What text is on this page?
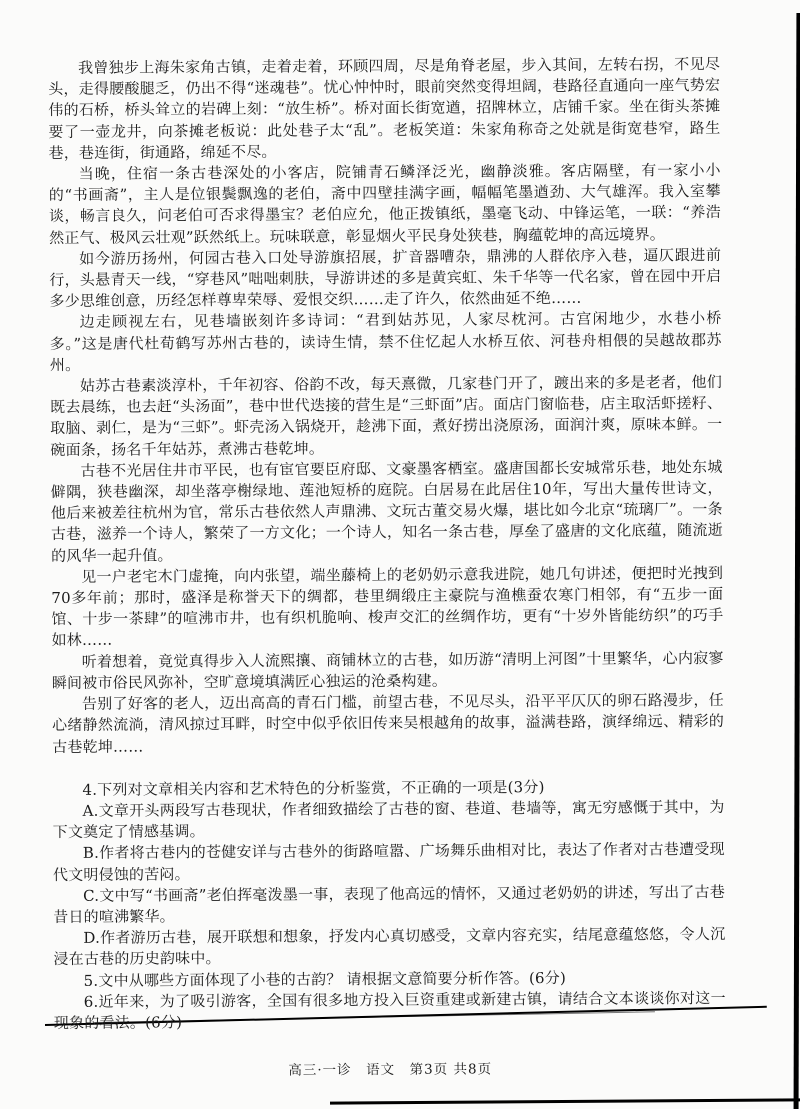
我曾独步上海朱家角古镇，走着走着，环顾四周，尽是角脊老屋，步入其间，左转右拐，不见尽头，走得腰酸腿乏，仍出不得“迷魂巷”。忧心忡忡时，眼前突然变得坦阔，巷路径直通向一座气势宏伟的石桥，桥头耸立的岩碑上刻：“放生桥”。桥对面长街宽遒，招牌林立，店铺千家。坐在街头茶摊要了一壶龙井，向茶摊老板说：此处巷子太“乱”。老板笑道：朱家角称奇之处就是街宽巷窄，路生巷，巷连街，街通路，绵延不尽。

当晚，住宿一条古巷深处的小客店，院铺青石鳞泽泛光，幽静淡雅。客店隔壁，有一家小小的“书画斋”，主人是位银鬓飘逸的老伯，斋中四壁挂满字画，幅幅笔墨遒劲、大气雄浑。我入室攀谈，畅言良久，问老伯可否求得墨宝？老伯应允，他正拨镇纸，墨毫飞动、中锋运笔，一联：“养浩然正气、极风云壮观”跃然纸上。玩味联意，彰显烟火平民身处狭巷，胸蕴乾坤的高远境界。

如今游历扬州，何园古巷入口处导游旗招展，扩音器嘈杂，鼎沸的人群依序入巷，逼仄跟进前行，头悬青天一线，“穿巷风”咄咄刺肤，导游讲述的多是黄宾虹、朱千华等一代名家，曾在园中开启多少思维创意，历经怎样尊卑荣辱、爱恨交织……走了许久，依然曲延不绝……

边走顾视左右，见巷墙嵌刻许多诗词：“君到姑苏见，人家尽枕河。古宫闲地少，水巷小桥多。”这是唐代杜荀鹤写苏州古巷的，读诗生情，禁不住忆起人水桥互依、河巷舟相偎的吴越故郡苏州。

姑苏古巷素淡淳朴，千年初容、俗韵不改，每天熹微，几家巷门开了，踱出来的多是老者，他们既去晨练，也去赶“头汤面”，巷中世代迭接的营生是“三虾面”店。面店门窗临巷，店主取活虾搓籽、取脑、剥仁，是为“三虾”。虾壳汤入锅烧开，趁沸下面，煮好捞出浇原汤，面润汁爽，原味本鲜。一碗面条，扬名千年姑苏，煮沸古巷乾坤。

古巷不光居住井市平民，也有宦官要臣府邸、文豪墨客栖室。盛唐国都长安城常乐巷，地处东城僻隅，狭巷幽深，却坐落亭榭绿地、莲池短桥的庭院。白居易在此居住10年，写出大量传世诗文，他后来被差往杭州为官，常乐古巷依然人声鼎沸、文玩古董交易火爆，堪比如今北京“琉璃厂”。一条古巷，滋养一个诗人，繁荣了一方文化；一个诗人，知名一条古巷，厚垒了盛唐的文化底蕴，随流逝的风华一起升值。

见一户老宅木门虚掩，向内张望，端坐藤椅上的老奶奶示意我进院，她几句讲述，便把时光拽到70多年前；那时，盛泽是称誉天下的绸都，巷里绸缎庄主豪院与渔樵蚕农寒门相邻，有“五步一面馆、十步一茶肆”的喧沸市井，也有织机脆响、梭声交汇的丝绸作坊，更有“十岁外皆能纺织”的巧手如林……

听着想着，竟觉真得步入人流熙攘、商铺林立的古巷，如历游“清明上河图”十里繁华，心内寂寥瞬间被市俗民风弥补，空旷意境填满匠心独运的沧桑构建。

告别了好客的老人，迈出高高的青石门槛，前望古巷，不见尽头，沿平平仄仄的卵石路漫步，任心绪静然流淌，清风掠过耳畔，时空中似乎依旧传来吴根越角的故事，溢满巷路，演绎绵远、精彩的古巷乾坤……

4.下列对文章相关内容和艺术特色的分析鉴赏，不正确的一项是(3分)

A.文章开头两段写古巷现状，作者细致描绘了古巷的窗、巷道、巷墙等，寓无穷感慨于其中，为下文奠定了情感基调。

B.作者将古巷内的苍健安详与古巷外的街路喧嚣、广场舞乐曲相对比，表达了作者对古巷遭受现代文明侵蚀的苦闷。

C.文中写“书画斋”老伯挥毫泼墨一事，表现了他高远的情怀，又通过老奶奶的讲述，写出了古巷昔日的喧沸繁华。

D.作者游历古巷，展开联想和想象，抒发内心真切感受，文章内容充实，结尾意蕴悠悠，令人沉浸在古巷的历史韵味中。

5.文中从哪些方面体现了小巷的古韵？ 请根据文意简要分析作答。(6分)

6.近年来，为了吸引游客，全国有很多地方投入巨资重建或新建古镇，请结合文本谈谈你对这一现象的看法。(6分)

高三·一诊　语文　第3页 共8页
